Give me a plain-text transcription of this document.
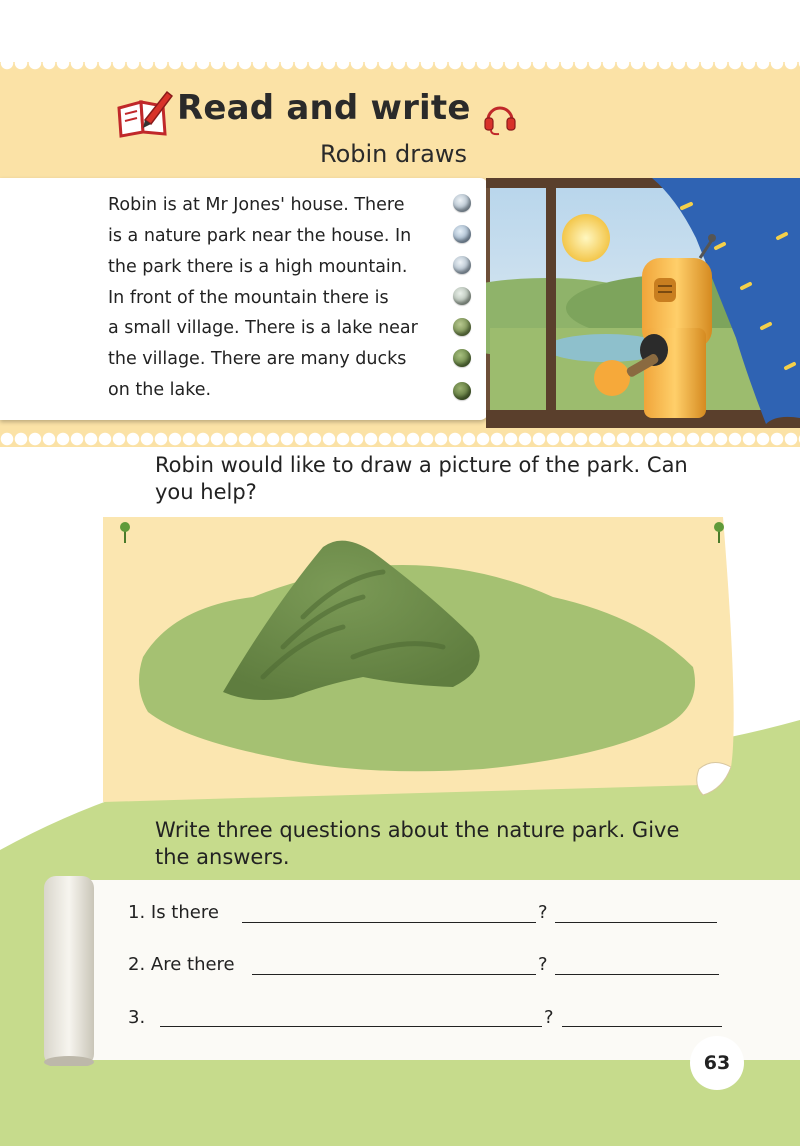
Read and write
Robin draws
Robin is at Mr Jones' house. There
is a nature park near the house. In
the park there is a high mountain.
In front of the mountain there is
a small village. There is a lake near
the village. There are many ducks
on the lake.
Robin would like to draw a picture of the park. Can
you help?
Write three questions about the nature park. Give
the answers.
1. Is there	?
2. Are there	?
3.	?
63
